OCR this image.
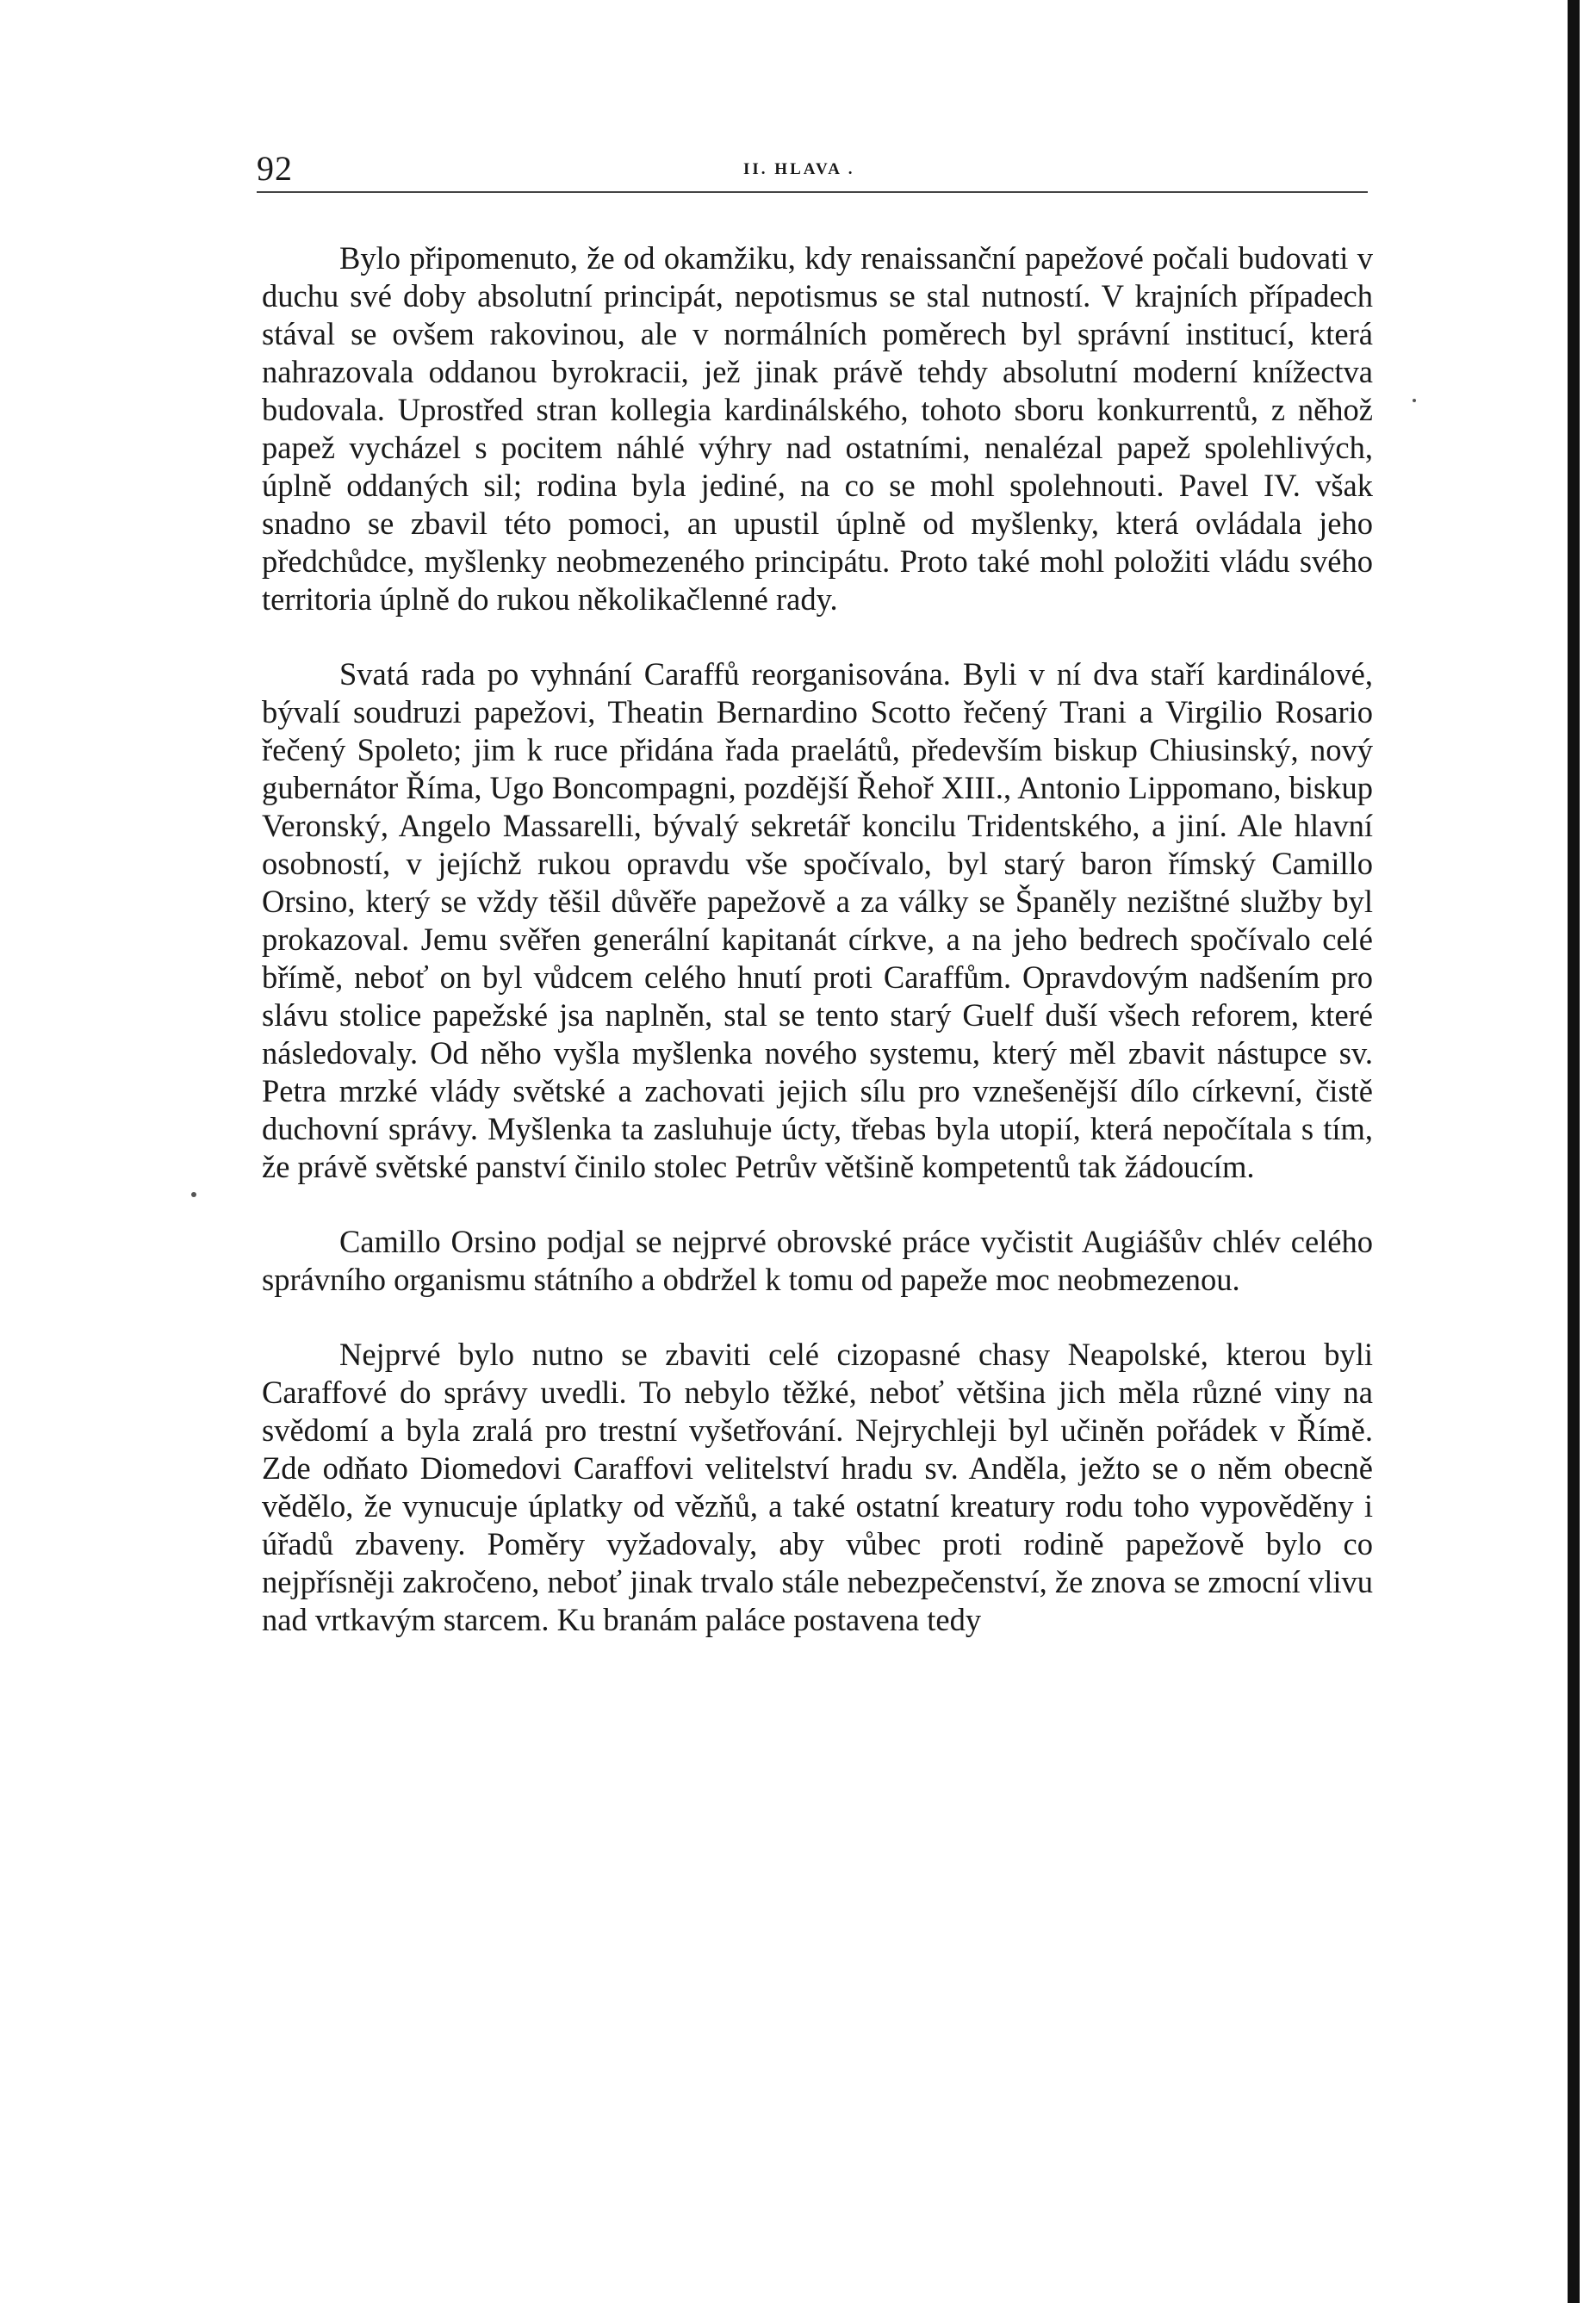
92	II. HLAVA .

Bylo připomenuto, že od okamžiku, kdy renaissanční papežové počali budovati v duchu své doby absolutní principát, nepotismus se stal nutností. V krajních případech stával se ovšem rakovinou, ale v normálních poměrech byl správní institucí, která nahrazovala oddanou byrokracii, jež jinak právě tehdy absolutní moderní knížectva budovala. Uprostřed stran kollegia kardinálského, tohoto sboru konkurrentů, z něhož papež vycházel s pocitem náhlé výhry nad ostatními, nenalézal papež spolehlivých, úplně oddaných sil; rodina byla jediné, na co se mohl spolehnouti. Pavel IV. však snadno se zbavil této pomoci, an upustil úplně od myšlenky, která ovládala jeho předchůdce, myšlenky neobmezeného principátu. Proto také mohl položiti vládu svého territoria úplně do rukou několikačlenné rady.

Svatá rada po vyhnání Caraffů reorganisována. Byli v ní dva staří kardinálové, bývalí soudruzi papežovi, Theatin Bernardino Scotto řečený Trani a Virgilio Rosario řečený Spoleto; jim k ruce přidána řada praelátů, především biskup Chiusinský, nový gubernátor Říma, Ugo Boncompagni, pozdější Řehoř XIII., Antonio Lippomano, biskup Veronský, Angelo Massarelli, bývalý sekretář koncilu Tridentského, a jiní. Ale hlavní osobností, v jejíchž rukou opravdu vše spočívalo, byl starý baron římský Camillo Orsino, který se vždy těšil důvěře papežově a za války se Španěly nezištné služby byl prokazoval. Jemu svěřen generální kapitanát církve, a na jeho bedrech spočívalo celé břímě, neboť on byl vůdcem celého hnutí proti Caraffům. Opravdovým nadšením pro slávu stolice papežské jsa naplněn, stal se tento starý Guelf duší všech reforem, které následovaly. Od něho vyšla myšlenka nového systemu, který měl zbavit nástupce sv. Petra mrzké vlády světské a zachovati jejich sílu pro vznešenější dílo církevní, čistě duchovní správy. Myšlenka ta zasluhuje úcty, třebas byla utopií, která nepočítala s tím, že právě světské panství činilo stolec Petrův většině kompetentů tak žádoucím.

Camillo Orsino podjal se nejprvé obrovské práce vyčistit Augiášův chlév celého správního organismu státního a obdržel k tomu od papeže moc neobmezenou.

Nejprvé bylo nutno se zbaviti celé cizopasné chasy Neapolské, kterou byli Caraffové do správy uvedli. To nebylo těžké, neboť většina jich měla různé viny na svědomí a byla zralá pro trestní vyšetřování. Nejrychleji byl učiněn pořádek v Římě. Zde odňato Diomedovi Caraffovi velitelství hradu sv. Anděla, ježto se o něm obecně vědělo, že vynucuje úplatky od vězňů, a také ostatní kreatury rodu toho vypověděny i úřadů zbaveny. Poměry vyžadovaly, aby vůbec proti rodině papežově bylo co nejpřísněji zakročeno, neboť jinak trvalo stále nebezpečenství, že znova se zmocní vlivu nad vrtkavým starcem. Ku branám paláce postavena tedy
